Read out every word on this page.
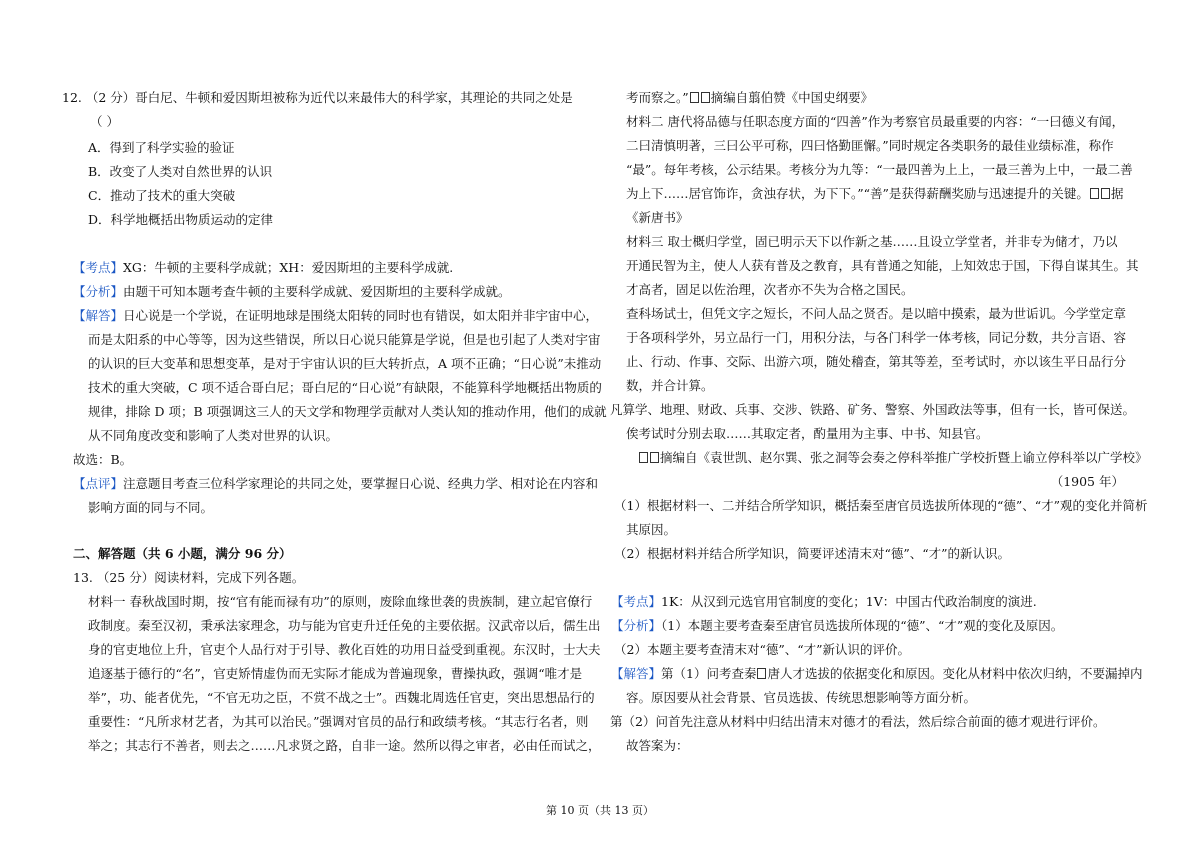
12. （2 分）哥白尼、牛顿和爱因斯坦被称为近代以来最伟大的科学家，其理论的共同之处是
（ ）
A．得到了科学实验的验证
B．改变了人类对自然世界的认识
C．推动了技术的重大突破
D．科学地概括出物质运动的定律
【考点】XG：牛顿的主要科学成就；XH：爱因斯坦的主要科学成就.
【分析】由题干可知本题考查牛顿的主要科学成就、爱因斯坦的主要科学成就。
【解答】日心说是一个学说，在证明地球是围绕太阳转的同时也有错误，如太阳并非宇宙中心，
而是太阳系的中心等等，因为这些错误，所以日心说只能算是学说，但是也引起了人类对宇宙
的认识的巨大变革和思想变革，是对于宇宙认识的巨大转折点，A 项不正确；“日心说”未推动
技术的重大突破，C 项不适合哥白尼；哥白尼的“日心说”有缺限，不能算科学地概括出物质的
规律，排除 D 项；B 项强调这三人的天文学和物理学贡献对人类认知的推动作用，他们的成就
从不同角度改变和影响了人类对世界的认识。
故选：B。
【点评】注意题目考查三位科学家理论的共同之处，要掌握日心说、经典力学、相对论在内容和
影响方面的同与不同。
二、解答题（共 6 小题，满分 96 分）
13. （25 分）阅读材料，完成下列各题。
材料一 春秋战国时期，按“官有能而禄有功”的原则，废除血缘世袭的贵族制，建立起官僚行
政制度。秦至汉初，秉承法家理念，功与能为官吏升迁任免的主要依据。汉武帝以后，儒生出
身的官吏地位上升，官吏个人品行对于引导、教化百姓的功用日益受到重视。东汉时，士大夫
追逐基于德行的“名”，官吏矫情虚伪而无实际才能成为普遍现象，曹操执政，强调“唯才是
举”，功、能者优先，“不官无功之臣，不赏不战之士”。西魏北周选任官吏，突出思想品行的
重要性：“凡所求材艺者，为其可以治民。”强调对官员的品行和政绩考核。“其志行名者，则
举之；其志行不善者，则去之……凡求贤之路，自非一途。然所以得之审者，必由任而试之，
考而察之。” 摘编自翦伯赞《中国史纲要》
材料二 唐代将品德与任职态度方面的“四善”作为考察官员最重要的内容：“一曰德义有闻，
二曰清慎明著，三曰公平可称，四曰恪勤匪懈。”同时规定各类职务的最佳业绩标准，称作
“最”。每年考核，公示结果。考核分为九等：“一最四善为上上，一最三善为上中，一最二善
为上下……居官饰诈，贪浊存状，为下下。”“善”是获得薪酬奖励与迅速提升的关键。 据
《新唐书》
材料三 取士概归学堂，固已明示天下以作新之基……且设立学堂者，并非专为储才，乃以
开通民智为主，使人人获有普及之教育，具有普通之知能，上知效忠于国，下得自谋其生。其
才高者，固足以佐治理，次者亦不失为合格之国民。
查科场试士，但凭文字之短长，不问人品之贤否。是以暗中摸索，最为世诟讥。今学堂定章
于各项科学外，另立品行一门，用积分法，与各门科学一体考核，同记分数，共分言语、容
止、行动、作事、交际、出游六项，随处稽查，第其等差，至考试时，亦以该生平日品行分
数，并合计算。
凡算学、地理、财政、兵事、交涉、铁路、矿务、警察、外国政法等事，但有一长，皆可保送。
俟考试时分别去取……其取定者，酌量用为主事、中书、知县官。
摘编自《袁世凯、赵尔巽、张之洞等会奏之停科举推广学校折暨上谕立停科举以广学校》
（1905 年）
（1）根据材料一、二并结合所学知识，概括秦至唐官员选拔所体现的“德”、“才”观的变化并简析
其原因。
（2）根据材料并结合所学知识，简要评述清末对“德”、“才”的新认识。
【考点】1K：从汉到元选官用官制度的变化；1V：中国古代政治制度的演进.
【分析】（1）本题主要考查秦至唐官员选拔所体现的“德”、“才”观的变化及原因。
（2）本题主要考查清末对“德”、“才”新认识的评价。
【解答】第（1）问考查秦 唐人才选拔的依据变化和原因。变化从材料中依次归纳，不要漏掉内
容。原因要从社会背景、官员选拔、传统思想影响等方面分析。
第（2）问首先注意从材料中归结出清末对德才的看法，然后综合前面的德才观进行评价。
故答案为：
第 10 页（共 13 页）
